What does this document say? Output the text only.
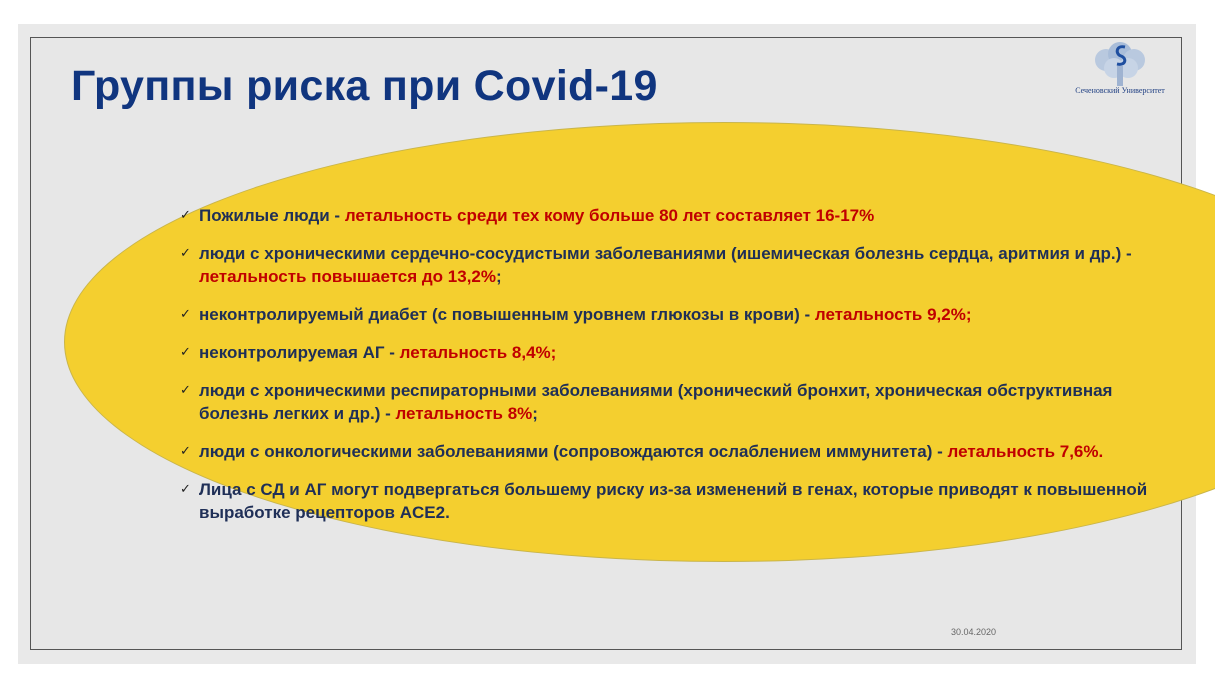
Группы риска при Covid-19	Сеченовский Университет
✓ Пожилые люди - летальность среди тех кому больше 80 лет составляет 16-17%
✓ люди с хроническими сердечно-сосудистыми заболеваниями (ишемическая болезнь сердца, аритмия и др.) - летальность повышается до 13,2%;
✓ неконтролируемый диабет (с повышенным уровнем глюкозы в крови) - летальность 9,2%;
✓ неконтролируемая АГ - летальность 8,4%;
✓ люди с хроническими респираторными заболеваниями (хронический бронхит, хроническая обструктивная болезнь легких и др.) - летальность 8%;
✓ люди с онкологическими заболеваниями (сопровождаются ослаблением иммунитета) - летальность 7,6%.
✓ Лица с СД и АГ могут подвергаться большему риску из-за изменений в генах, которые приводят к повышенной выработке рецепторов ACE2.
30.04.2020
